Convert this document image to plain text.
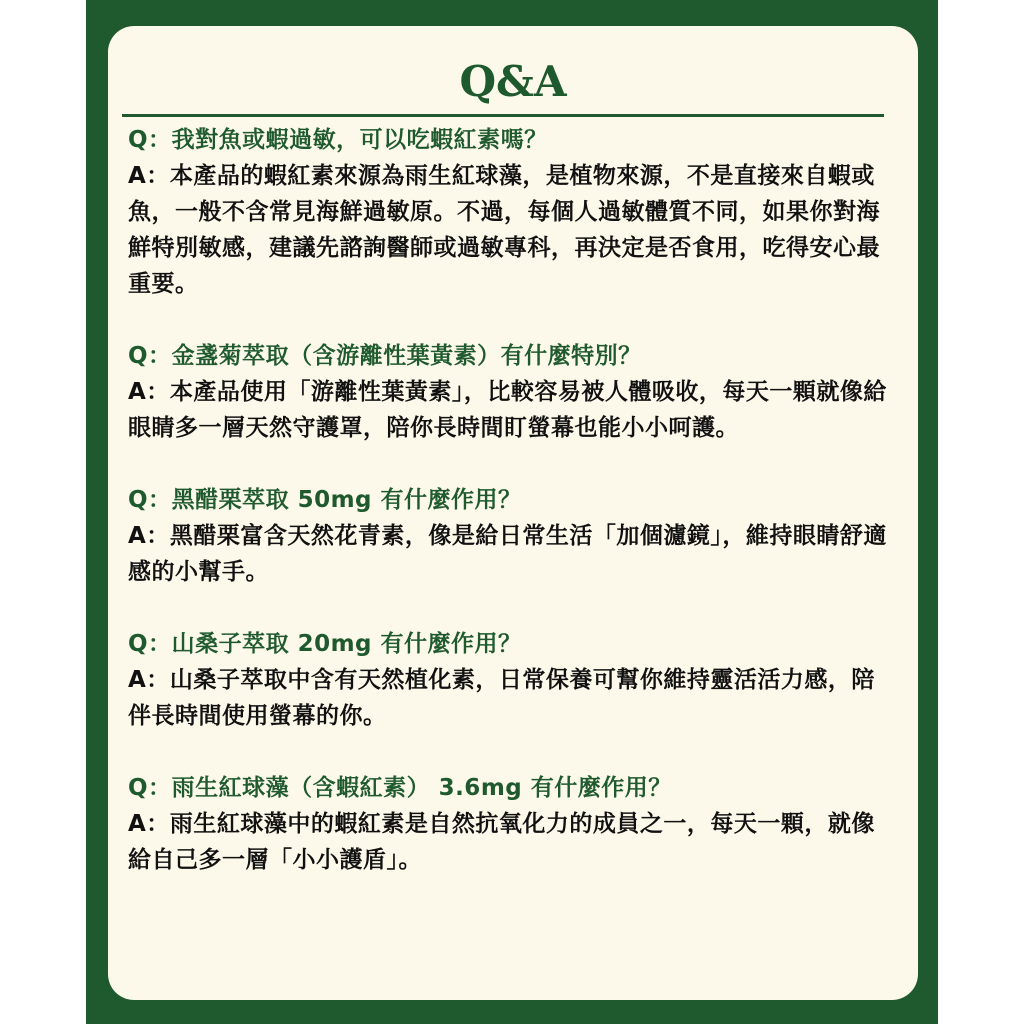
Q&A

Q：我對魚或蝦過敏，可以吃蝦紅素嗎？

A：本產品的蝦紅素來源為雨生紅球藻，是植物來源，不是直接來自蝦或魚，一般不含常見海鮮過敏原。不過，每個人過敏體質不同，如果你對海鮮特別敏感，建議先諮詢醫師或過敏專科，再決定是否食用，吃得安心最重要。

Q：金盞菊萃取（含游離性葉黃素）有什麼特別？

A：本產品使用「游離性葉黃素」，比較容易被人體吸收，每天一顆就像給眼睛多一層天然守護罩，陪你長時間盯螢幕也能小小呵護。

Q：黑醋栗萃取 50mg 有什麼作用？

A：黑醋栗富含天然花青素，像是給日常生活「加個濾鏡」，維持眼睛舒適感的小幫手。

Q：山桑子萃取 20mg 有什麼作用？

A：山桑子萃取中含有天然植化素，日常保養可幫你維持靈活活力感，陪伴長時間使用螢幕的你。

Q：雨生紅球藻（含蝦紅素） 3.6mg 有什麼作用？

A：雨生紅球藻中的蝦紅素是自然抗氧化力的成員之一，每天一顆，就像給自己多一層「小小護盾」。
